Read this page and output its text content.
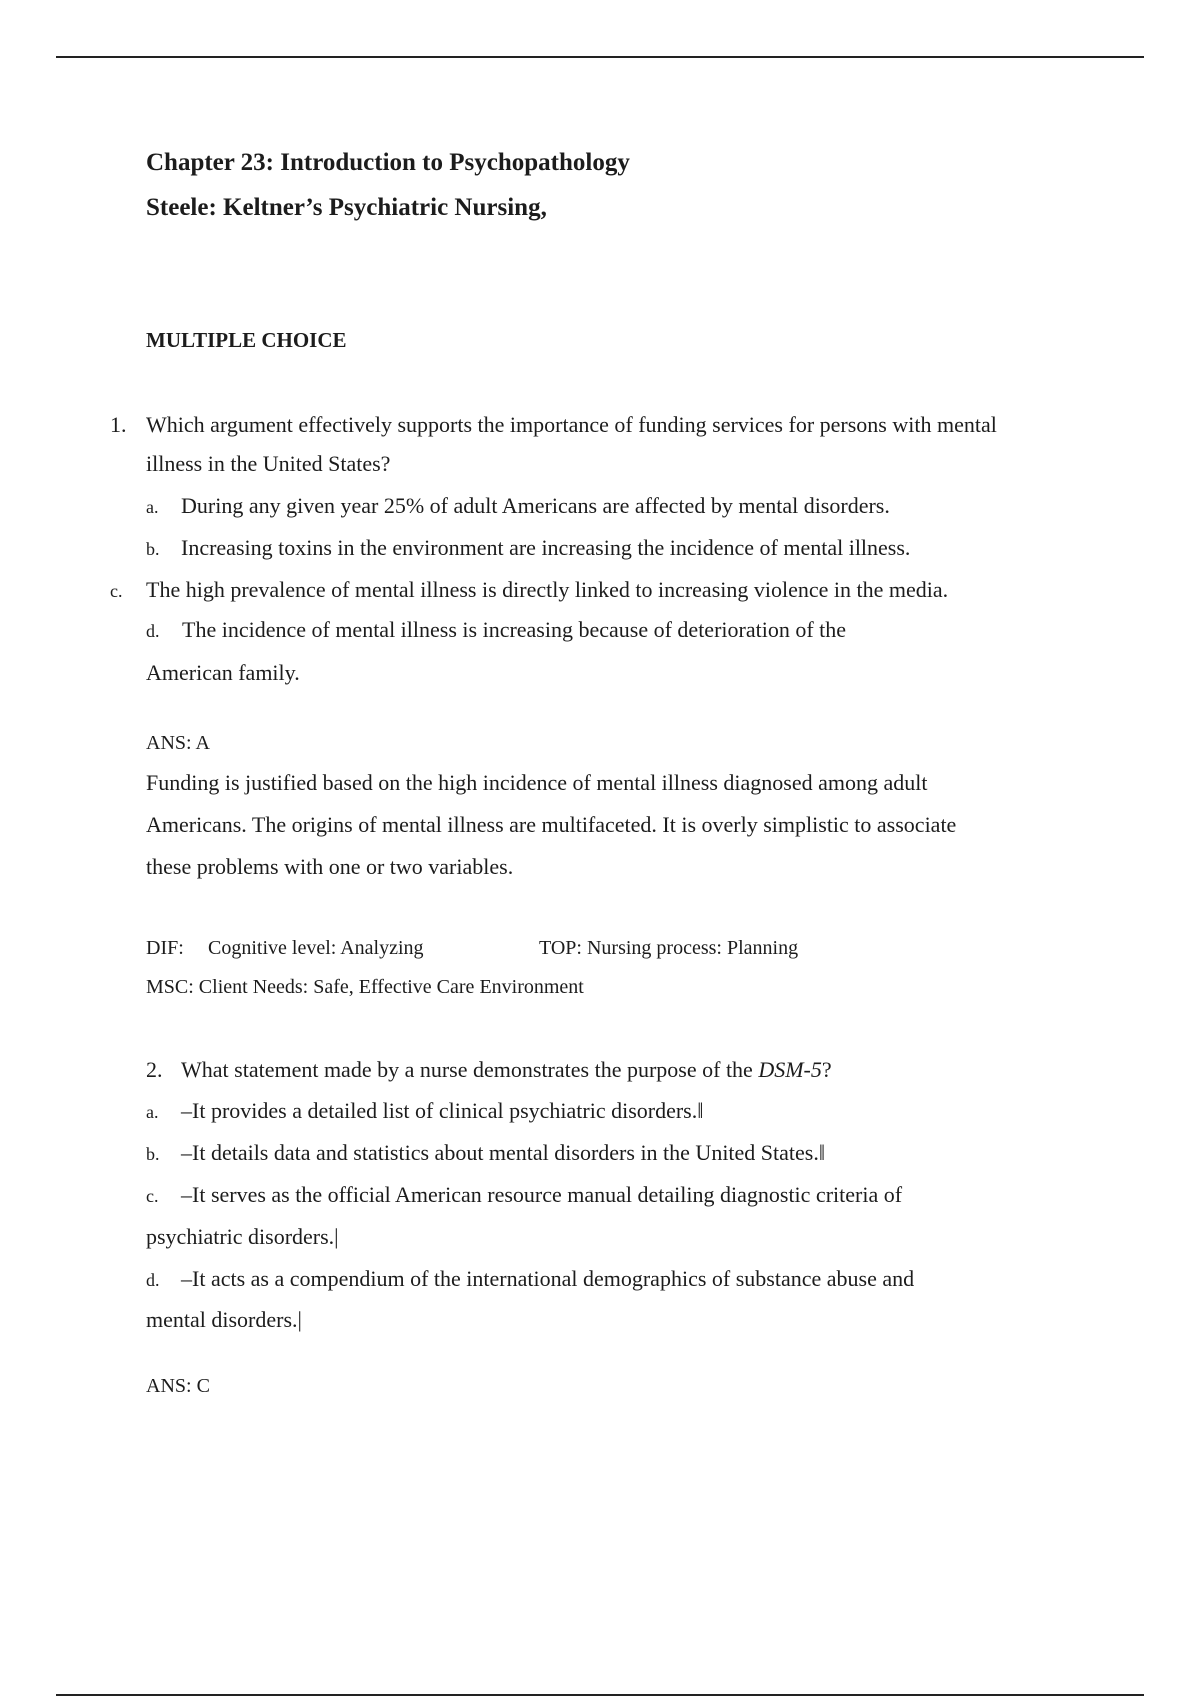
Chapter 23: Introduction to Psychopathology
Steele: Keltner’s Psychiatric Nursing,
MULTIPLE CHOICE
1. Which argument effectively supports the importance of funding services for persons with mental
illness in the United States?
a. During any given year 25% of adult Americans are affected by mental disorders.
b. Increasing toxins in the environment are increasing the incidence of mental illness.
c. The high prevalence of mental illness is directly linked to increasing violence in the media.
d. The incidence of mental illness is increasing because of deterioration of the
American family.
ANS: A
Funding is justified based on the high incidence of mental illness diagnosed among adult
Americans. The origins of mental illness are multifaceted. It is overly simplistic to associate
these problems with one or two variables.
DIF: Cognitive level: Analyzing	TOP: Nursing process: Planning
MSC: Client Needs: Safe, Effective Care Environment
2. What statement made by a nurse demonstrates the purpose of the DSM-5?
a. –It provides a detailed list of clinical psychiatric disorders.‖
b. –It details data and statistics about mental disorders in the United States.‖
c. –It serves as the official American resource manual detailing diagnostic criteria of
psychiatric disorders.|
d. –It acts as a compendium of the international demographics of substance abuse and
mental disorders.|
ANS: C
